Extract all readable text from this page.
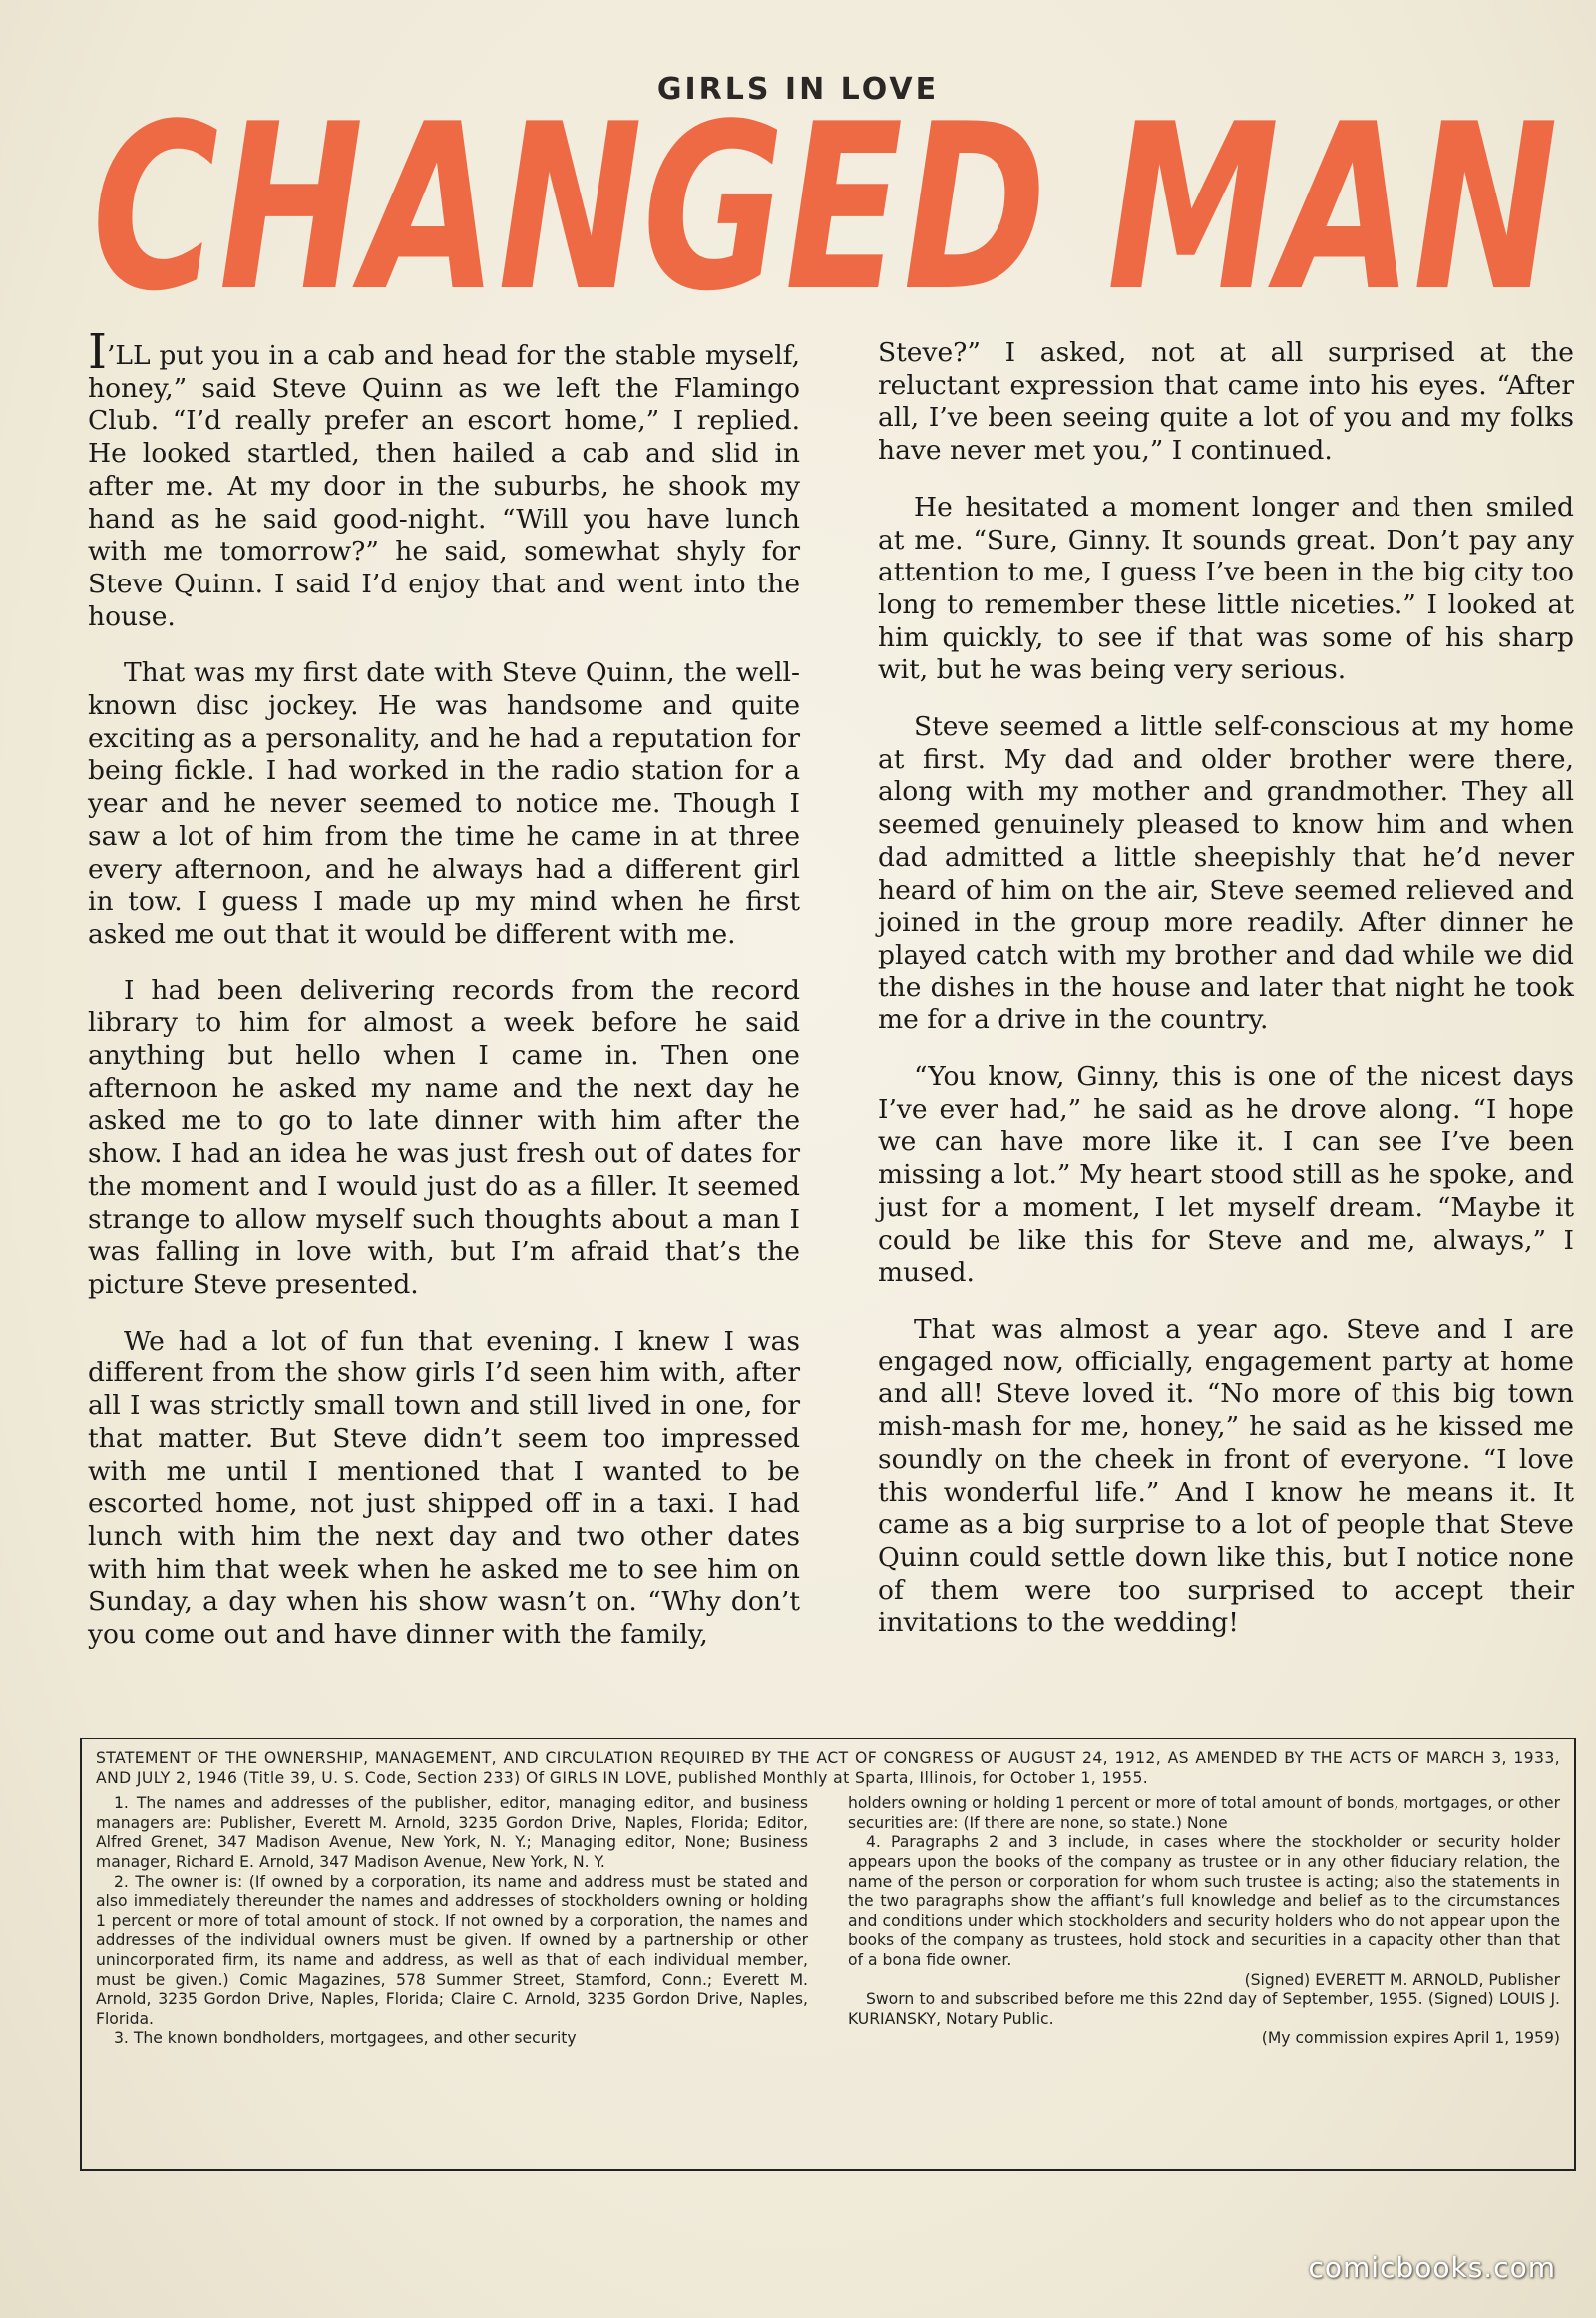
GIRLS IN LOVE
CHANGED MAN

I’LL put you in a cab and head for the stable myself, honey,” said Steve Quinn as we left the Flamingo Club. “I’d really prefer an escort home,” I replied. He looked startled, then hailed a cab and slid in after me. At my door in the suburbs, he shook my hand as he said good-night. “Will you have lunch with me tomorrow?” he said, somewhat shyly for Steve Quinn. I said I’d enjoy that and went into the house.

That was my first date with Steve Quinn, the well-known disc jockey. He was handsome and quite exciting as a personality, and he had a reputation for being fickle. I had worked in the radio station for a year and he never seemed to notice me. Though I saw a lot of him from the time he came in at three every afternoon, and he always had a different girl in tow. I guess I made up my mind when he first asked me out that it would be different with me.

I had been delivering records from the record library to him for almost a week before he said anything but hello when I came in. Then one afternoon he asked my name and the next day he asked me to go to late dinner with him after the show. I had an idea he was just fresh out of dates for the moment and I would just do as a filler. It seemed strange to allow myself such thoughts about a man I was falling in love with, but I’m afraid that’s the picture Steve presented.

We had a lot of fun that evening. I knew I was different from the show girls I’d seen him with, after all I was strictly small town and still lived in one, for that matter. But Steve didn’t seem too impressed with me until I mentioned that I wanted to be escorted home, not just shipped off in a taxi. I had lunch with him the next day and two other dates with him that week when he asked me to see him on Sunday, a day when his show wasn’t on. “Why don’t you come out and have dinner with the family,

Steve?” I asked, not at all surprised at the reluctant expression that came into his eyes. “After all, I’ve been seeing quite a lot of you and my folks have never met you,” I continued.

He hesitated a moment longer and then smiled at me. “Sure, Ginny. It sounds great. Don’t pay any attention to me, I guess I’ve been in the big city too long to remember these little niceties.” I looked at him quickly, to see if that was some of his sharp wit, but he was being very serious.

Steve seemed a little self-conscious at my home at first. My dad and older brother were there, along with my mother and grandmother. They all seemed genuinely pleased to know him and when dad admitted a little sheepishly that he’d never heard of him on the air, Steve seemed relieved and joined in the group more readily. After dinner he played catch with my brother and dad while we did the dishes in the house and later that night he took me for a drive in the country.

“You know, Ginny, this is one of the nicest days I’ve ever had,” he said as he drove along. “I hope we can have more like it. I can see I’ve been missing a lot.” My heart stood still as he spoke, and just for a moment, I let myself dream. “Maybe it could be like this for Steve and me, always,” I mused.

That was almost a year ago. Steve and I are engaged now, officially, engagement party at home and all! Steve loved it. “No more of this big town mish-mash for me, honey,” he said as he kissed me soundly on the cheek in front of everyone. “I love this wonderful life.” And I know he means it. It came as a big surprise to a lot of people that Steve Quinn could settle down like this, but I notice none of them were too surprised to accept their invitations to the wedding!

STATEMENT OF THE OWNERSHIP, MANAGEMENT, AND CIRCULATION REQUIRED BY THE ACT OF CONGRESS OF AUGUST 24, 1912, AS AMENDED BY THE ACTS OF MARCH 3, 1933, AND JULY 2, 1946 (Title 39, U. S. Code, Section 233) Of GIRLS IN LOVE, published Monthly at Sparta, Illinois, for October 1, 1955.

1. The names and addresses of the publisher, editor, managing editor, and business managers are: Publisher, Everett M. Arnold, 3235 Gordon Drive, Naples, Florida; Editor, Alfred Grenet, 347 Madison Avenue, New York, N. Y.; Managing editor, None; Business manager, Richard E. Arnold, 347 Madison Avenue, New York, N. Y.

2. The owner is: (If owned by a corporation, its name and address must be stated and also immediately thereunder the names and addresses of stockholders owning or holding 1 percent or more of total amount of stock. If not owned by a corporation, the names and addresses of the individual owners must be given. If owned by a partnership or other unincorporated firm, its name and address, as well as that of each individual member, must be given.) Comic Magazines, 578 Summer Street, Stamford, Conn.; Everett M. Arnold, 3235 Gordon Drive, Naples, Florida; Claire C. Arnold, 3235 Gordon Drive, Naples, Florida.

3. The known bondholders, mortgagees, and other security

holders owning or holding 1 percent or more of total amount of bonds, mortgages, or other securities are: (If there are none, so state.) None

4. Paragraphs 2 and 3 include, in cases where the stockholder or security holder appears upon the books of the company as trustee or in any other fiduciary relation, the name of the person or corporation for whom such trustee is acting; also the statements in the two paragraphs show the affiant’s full knowledge and belief as to the circumstances and conditions under which stockholders and security holders who do not appear upon the books of the company as trustees, hold stock and securities in a capacity other than that of a bona fide owner.

(Signed) EVERETT M. ARNOLD, Publisher

Sworn to and subscribed before me this 22nd day of September, 1955. (Signed) LOUIS J. KURIANSKY, Notary Public.

(My commission expires April 1, 1959)

comicbooks.com
